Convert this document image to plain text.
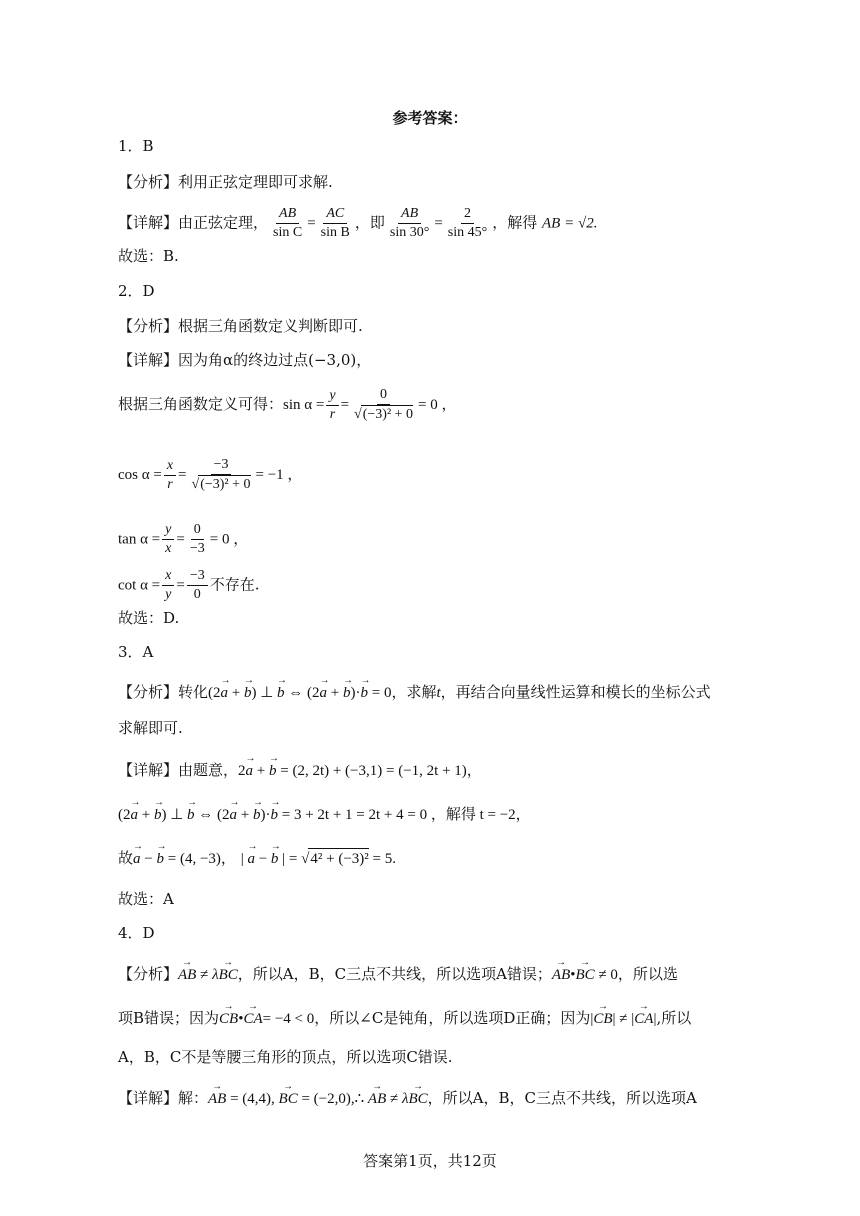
参考答案：
1．B
【分析】利用正弦定理即可求解.
【详解】由正弦定理， $\frac{AB}{\text{sin C}} = \frac{AC}{\text{sin B}}$ ，即 $\frac{AB}{\sin 30^\circ} = \frac{2}{\sin 45^\circ}$ ，解得 AB = √2.
故选：B.
2．D
【分析】根据三角函数定义判断即可.
【详解】因为角α的终边过点(−3,0)，
根据三角函数定义可得：$\sin \alpha = \frac{y}{r} = \frac{0}{\text{√(−3)² + 0}} = 0$ ，
$\cos \alpha = \frac{x}{r} = \frac{-3}{\text{√(−3)² + 0}} = -1$ ，
$\tan \alpha = \frac{y}{x} = \frac{0}{-3} = 0$ ，
$\cot \alpha = \frac{x}{y} = \frac{-3}{0}$ 不存在.
故选：D.
3．A
【分析】转化(2→ a + → b) ⊥ → b ⇔ (2→ a + → b)·→ b = 0，求解t，再结合向量线性运算和模长的坐标公式
求解即可.
【详解】由题意，2→ a + → b = (2, 2t) + (−3,1) = (−1, 2t + 1)，
(2→ a + → b) ⊥ → b ⇔ (2→ a + → b)·→ b = 3 + 2t + 1 = 2t + 4 = 0 ，解得 t = −2，
故→ a − → b = (4, −3)， | → a − → b | = √4² + (−3)² = 5.
故选：A
4．D
【分析】→ AB ≠ λ→ BC，所以A，B，C三点不共线，所以选项A错误；→ AB•→ BC ≠ 0，所以选
项B错误；因为→ CB•→ CA= −4 < 0，所以∠C是钝角，所以选项D正确；因为|→ CB| ≠ |→ CA|,所以
A，B，C不是等腰三角形的顶点，所以选项C错误.
【详解】解：→ AB = (4,4), → BC = (−2,0),∴ → AB ≠ λ→ BC，所以A，B，C三点不共线，所以选项A
答案第1页，共12页
